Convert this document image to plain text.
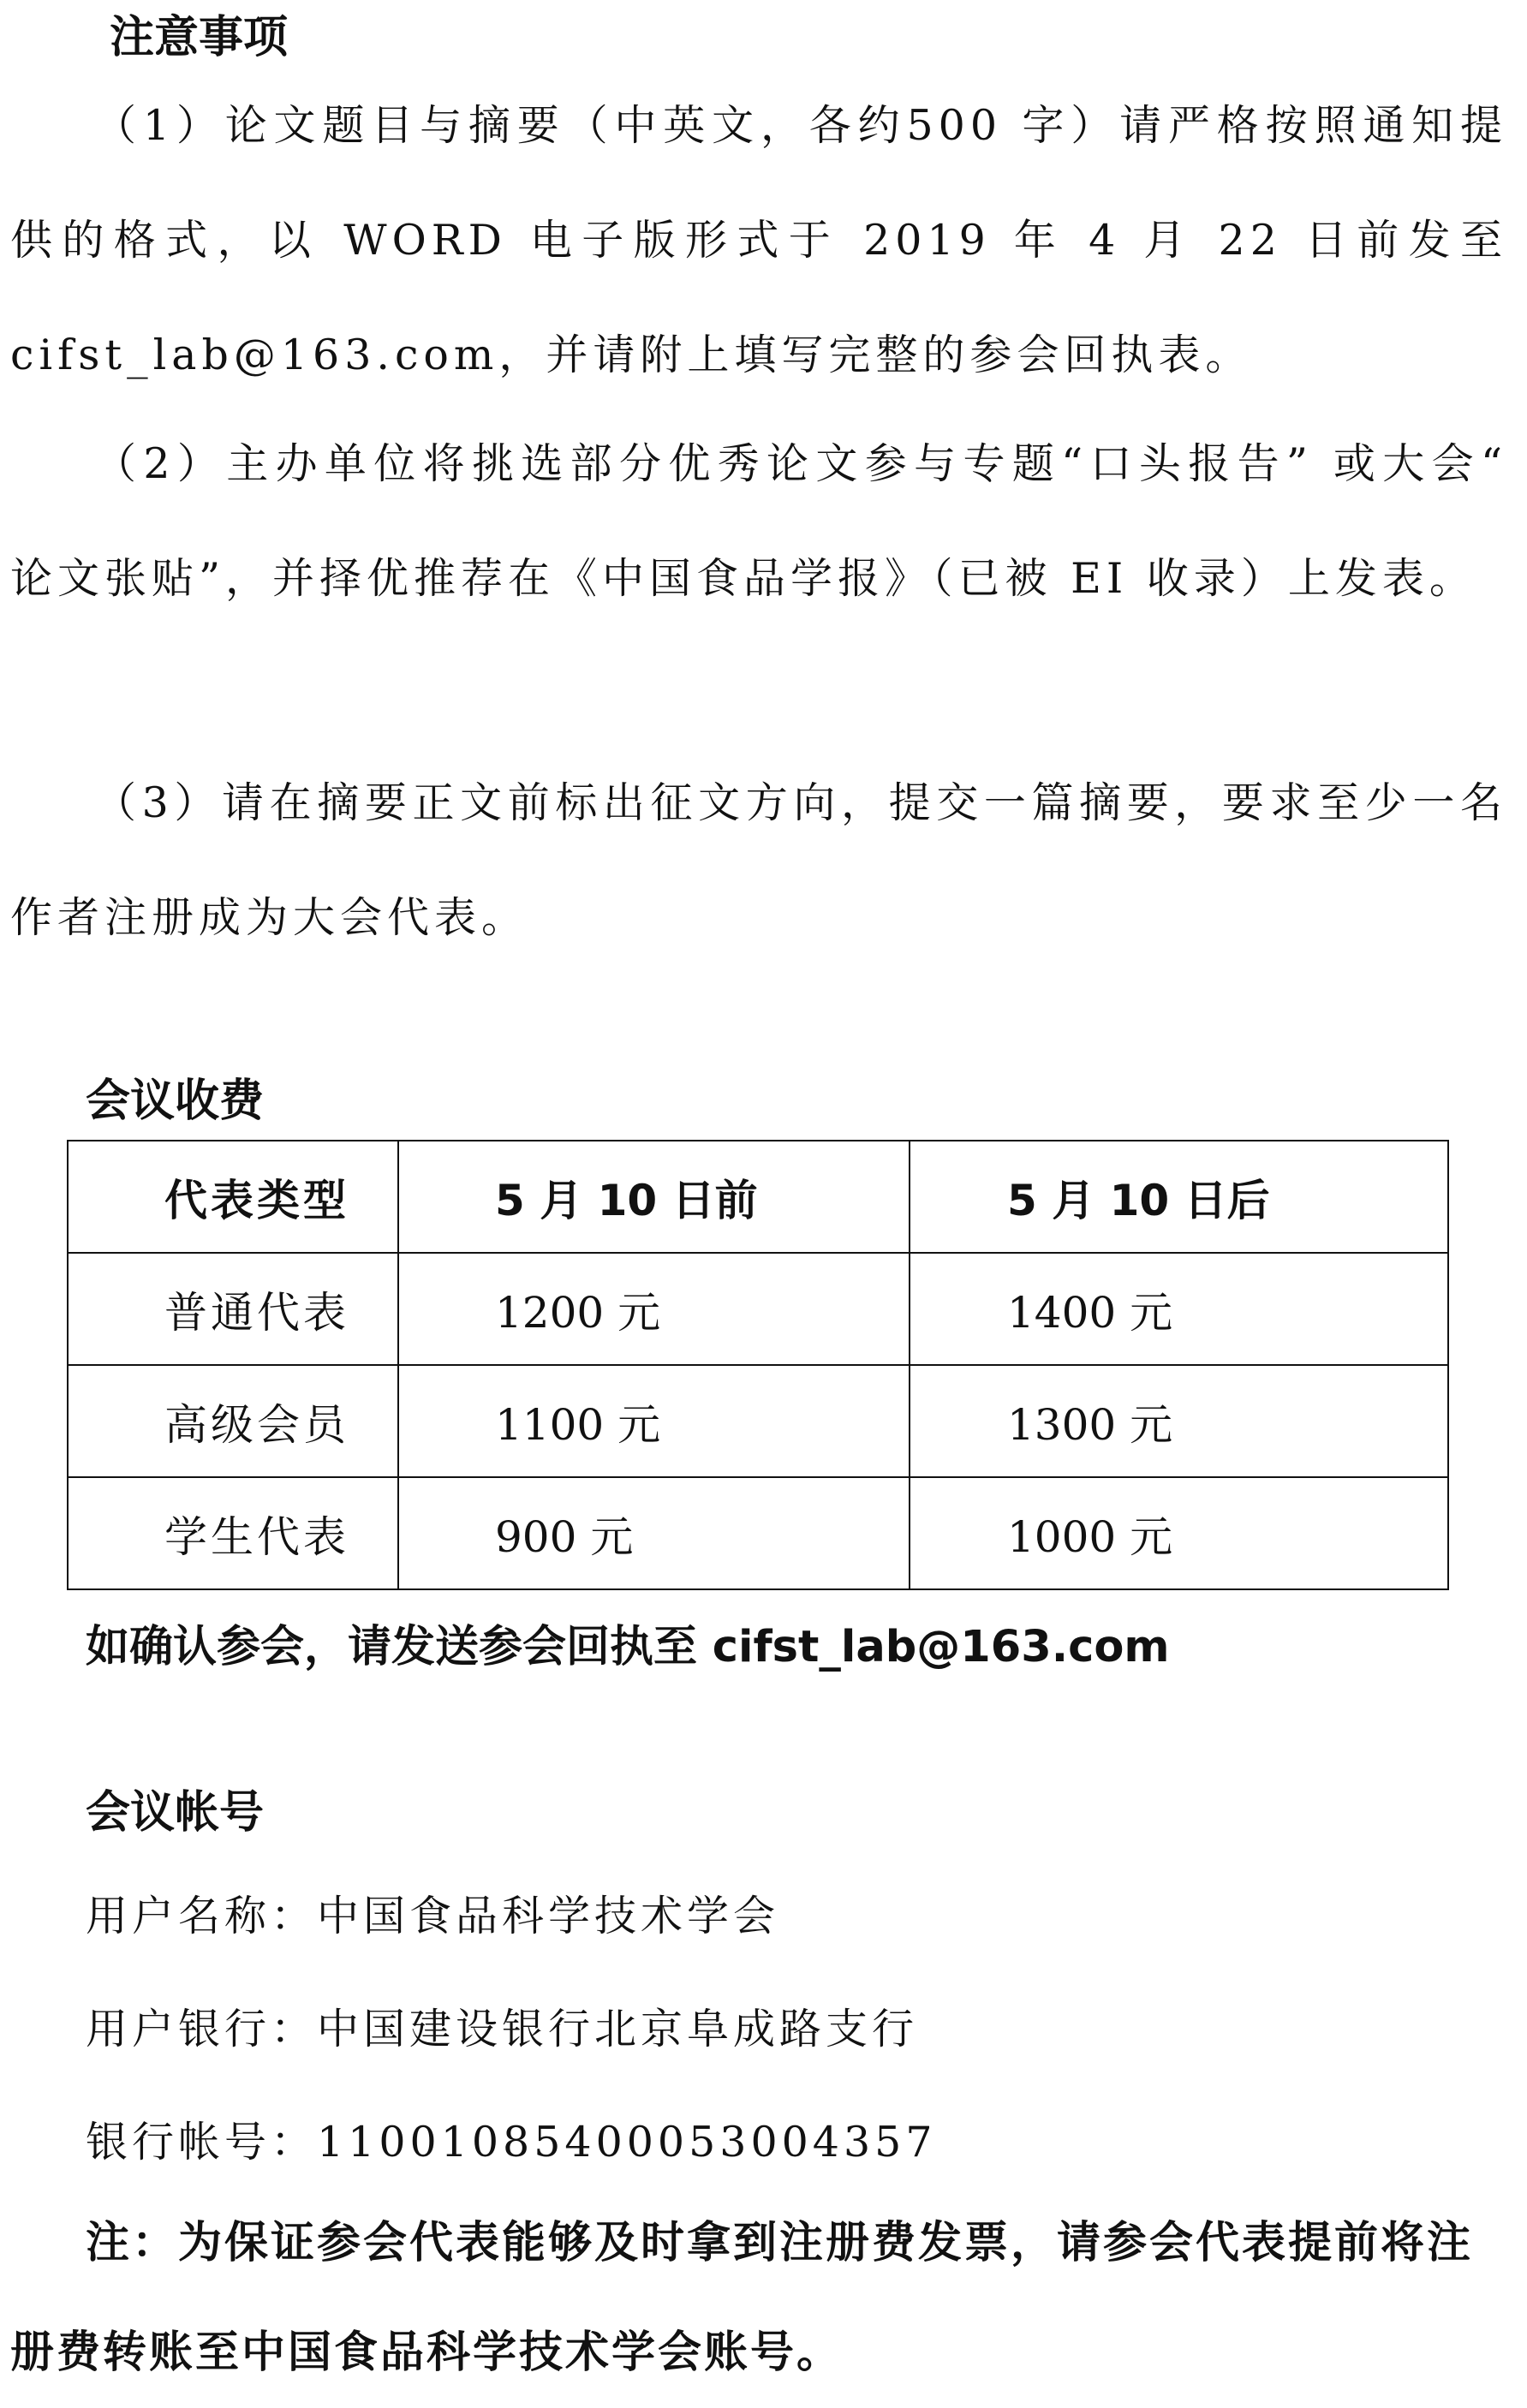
注意事项
（1）论文题目与摘要（中英文，各约500 字）请严格按照通知提供的格式，以 WORD 电子版形式于 2019 年 4 月 22 日前发至 cifst_lab@163.com，并请附上填写完整的参会回执表。
（2）主办单位将挑选部分优秀论文参与专题“口头报告” 或大会“ 论文张贴”，并择优推荐在《中国食品学报》（已被 EI 收录）上发表。
（3）请在摘要正文前标出征文方向，提交一篇摘要，要求至少一名作者注册成为大会代表。
会议收费
代表类型	5 月 10 日前	5 月 10 日后
普通代表	1200 元	1400 元
高级会员	1100 元	1300 元
学生代表	900 元	1000 元
如确认参会，请发送参会回执至 cifst_lab@163.com
会议帐号
用户名称：中国食品科学技术学会
用户银行：中国建设银行北京阜成路支行
银行帐号：11001085400053004357
注：为保证参会代表能够及时拿到注册费发票，请参会代表提前将注册费转账至中国食品科学技术学会账号。
